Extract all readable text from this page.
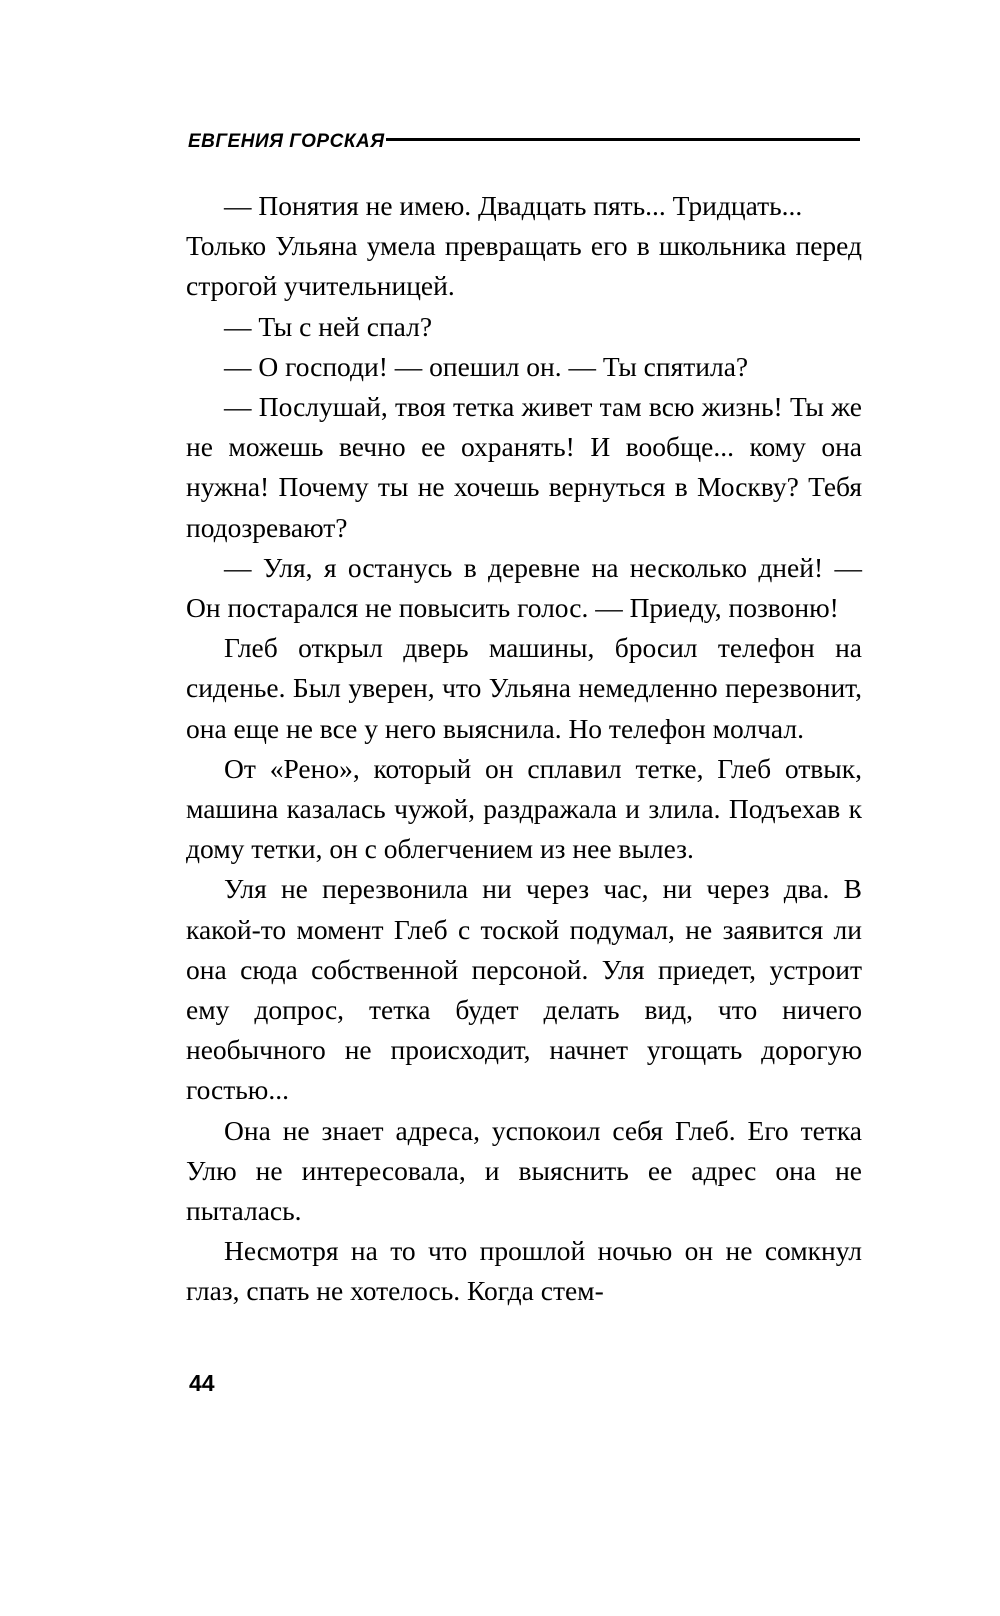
ЕВГЕНИЯ ГОРСКАЯ

— Понятия не имею. Двадцать пять... Тридцать...

Только Ульяна умела превращать его в школьника перед строгой учительницей.

— Ты с ней спал?

— О господи! — опешил он. — Ты спятила?

— Послушай, твоя тетка живет там всю жизнь! Ты же не можешь вечно ее охранять! И вообще... кому она нужна! Почему ты не хочешь вернуться в Москву? Тебя подозревают?

— Уля, я останусь в деревне на несколько дней! — Он постарался не повысить голос. — Приеду, позвоню!

Глеб открыл дверь машины, бросил телефон на сиденье. Был уверен, что Ульяна немедленно перезвонит, она еще не все у него выяснила. Но телефон молчал.

От «Рено», который он сплавил тетке, Глеб отвык, машина казалась чужой, раздражала и злила. Подъехав к дому тетки, он с облегчением из нее вылез.

Уля не перезвонила ни через час, ни через два. В какой-то момент Глеб с тоской подумал, не заявится ли она сюда собственной персоной. Уля приедет, устроит ему допрос, тетка будет делать вид, что ничего необычного не происходит, начнет угощать дорогую гостью...

Она не знает адреса, успокоил себя Глеб. Его тетка Улю не интересовала, и выяснить ее адрес она не пыталась.

Несмотря на то что прошлой ночью он не сомкнул глаз, спать не хотелось. Когда стем-

44
